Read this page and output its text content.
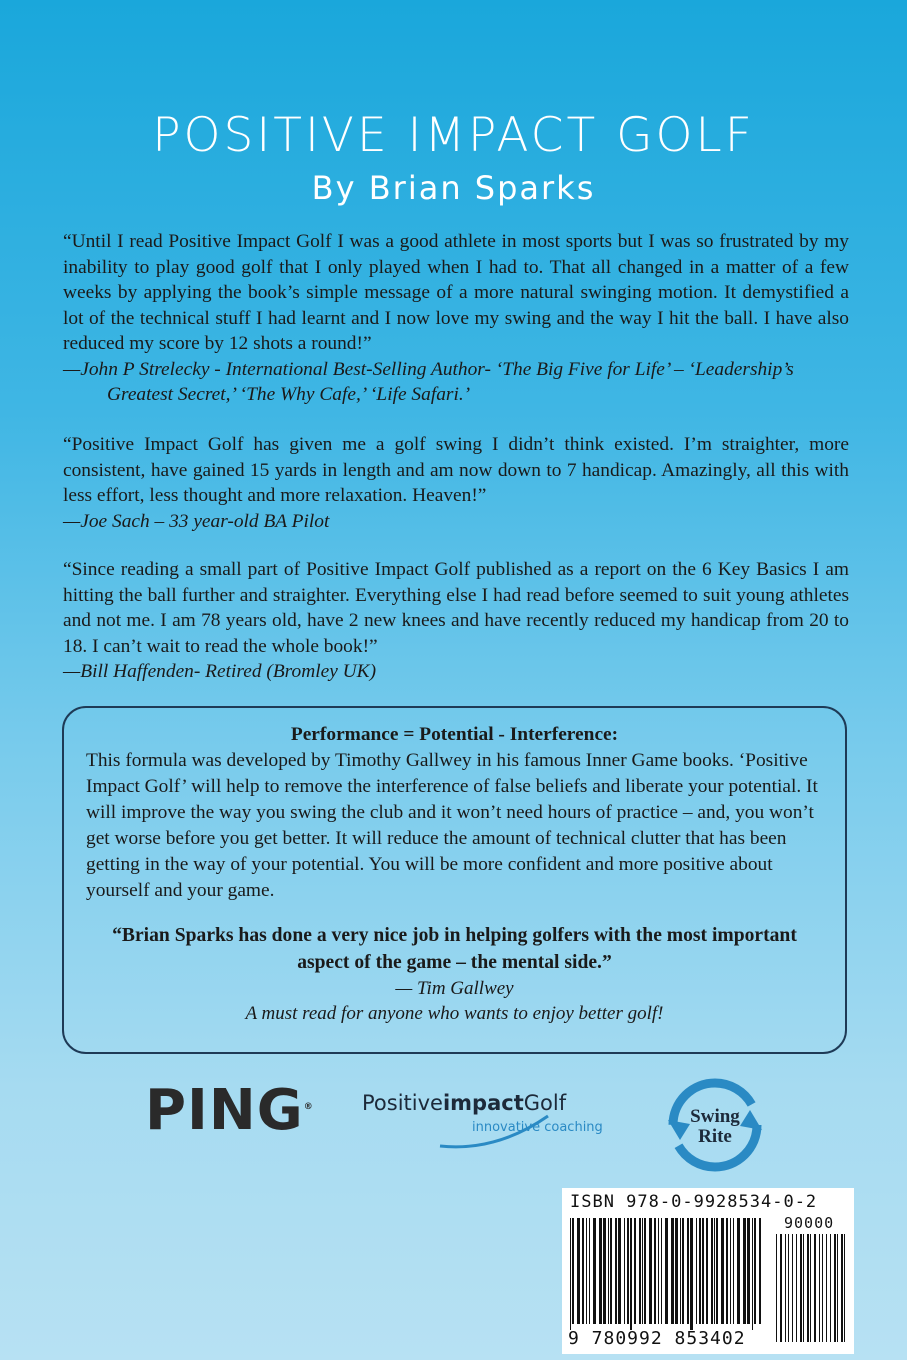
POSITIVE IMPACT GOLF
By Brian Sparks
“Until I read Positive Impact Golf I was a good athlete in most sports but I was so frustrated by my inability to play good golf that I only played when I had to. That all changed in a matter of a few weeks by applying the book’s simple message of a more natural swinging motion. It demystified a lot of the technical stuff I had learnt and I now love my swing and the way I hit the ball. I have also reduced my score by 12 shots a round!”
—John P Strelecky - International Best-Selling Author- ‘The Big Five for Life’ – ‘Leadership’s
Greatest Secret,’ ‘The Why Cafe,’ ‘Life Safari.’
“Positive Impact Golf has given me a golf swing I didn’t think existed. I’m straighter, more consistent, have gained 15 yards in length and am now down to 7 handicap. Amazingly, all this with less effort, less thought and more relaxation. Heaven!”
—Joe Sach – 33 year-old BA Pilot
“Since reading a small part of Positive Impact Golf published as a report on the 6 Key Basics I am hitting the ball further and straighter. Everything else I had read before seemed to suit young athletes and not me. I am 78 years old, have 2 new knees and have recently reduced my handicap from 20 to 18. I can’t wait to read the whole book!”
—Bill Haffenden- Retired (Bromley UK)
Performance = Potential - Interference:
This formula was developed by Timothy Gallwey in his famous Inner Game books. ‘Positive Impact Golf’ will help to remove the interference of false beliefs and liberate your potential. It will improve the way you swing the club and it won’t need hours of practice – and, you won’t get worse before you get better. It will reduce the amount of technical clutter that has been getting in the way of your potential. You will be more confident and more positive about yourself and your game.
“Brian Sparks has done a very nice job in helping golfers with the most important aspect of the game – the mental side.”
— Tim Gallwey
A must read for anyone who wants to enjoy better golf!
PING®	PositiveimpactGolf
innovative coaching
Swing
Rite
ISBN 978-0-9928534-0-2
90000
9 780992 853402
